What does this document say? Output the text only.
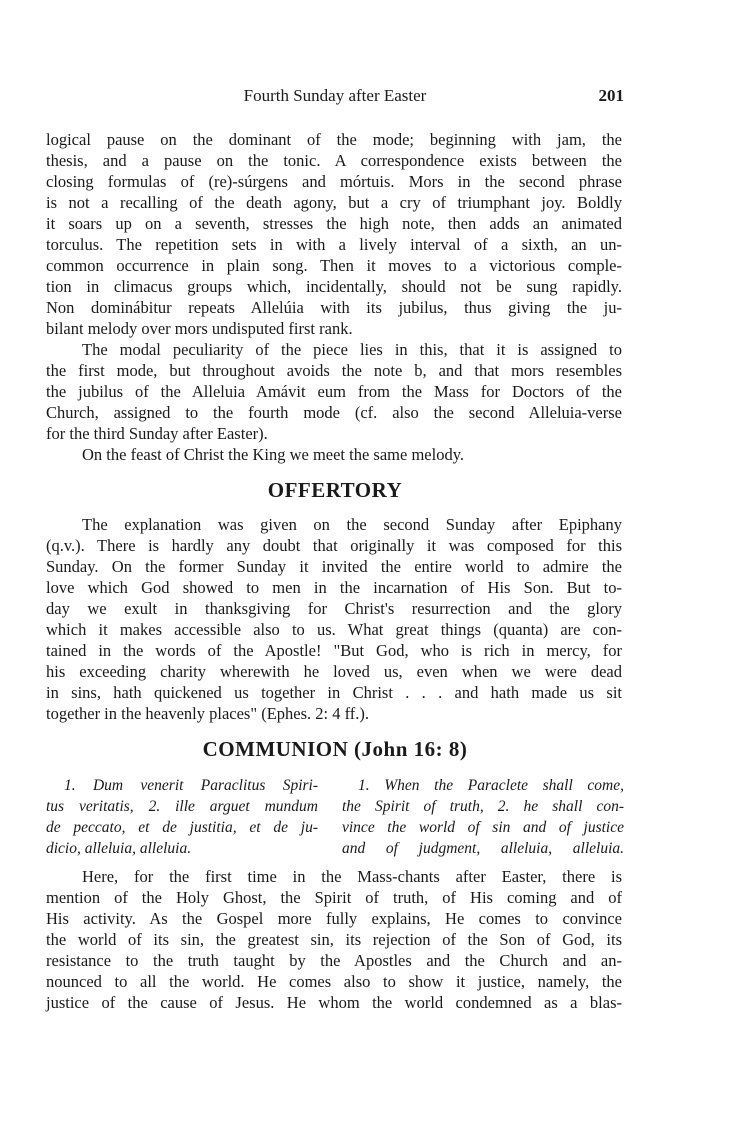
Fourth Sunday after Easter	201
logical pause on the dominant of the mode; beginning with jam, the
thesis, and a pause on the tonic. A correspondence exists between the
closing formulas of (re)-súrgens and mórtuis. Mors in the second phrase
is not a recalling of the death agony, but a cry of triumphant joy. Boldly
it soars up on a seventh, stresses the high note, then adds an animated
torculus. The repetition sets in with a lively interval of a sixth, an un-
common occurrence in plain song. Then it moves to a victorious comple-
tion in climacus groups which, incidentally, should not be sung rapidly.
Non dominábitur repeats Allelúia with its jubilus, thus giving the ju-
bilant melody over mors undisputed first rank.
The modal peculiarity of the piece lies in this, that it is assigned to
the first mode, but throughout avoids the note b, and that mors resembles
the jubilus of the Alleluia Amávit eum from the Mass for Doctors of the
Church, assigned to the fourth mode (cf. also the second Alleluia-verse
for the third Sunday after Easter).
On the feast of Christ the King we meet the same melody.
OFFERTORY
The explanation was given on the second Sunday after Epiphany
(q.v.). There is hardly any doubt that originally it was composed for this
Sunday. On the former Sunday it invited the entire world to admire the
love which God showed to men in the incarnation of His Son. But to-
day we exult in thanksgiving for Christ's resurrection and the glory
which it makes accessible also to us. What great things (quanta) are con-
tained in the words of the Apostle! "But God, who is rich in mercy, for
his exceeding charity wherewith he loved us, even when we were dead
in sins, hath quickened us together in Christ . . . and hath made us sit
together in the heavenly places" (Ephes. 2: 4 ff.).
COMMUNION (John 16: 8)
1. Dum venerit Paraclitus Spiri-
tus veritatis, 2. ille arguet mundum
de peccato, et de justitia, et de ju-
dicio, alleluia, alleluia.
1. When the Paraclete shall come,
the Spirit of truth, 2. he shall con-
vince the world of sin and of justice
and of judgment, alleluia, alleluia.
Here, for the first time in the Mass-chants after Easter, there is
mention of the Holy Ghost, the Spirit of truth, of His coming and of
His activity. As the Gospel more fully explains, He comes to convince
the world of its sin, the greatest sin, its rejection of the Son of God, its
resistance to the truth taught by the Apostles and the Church and an-
nounced to all the world. He comes also to show it justice, namely, the
justice of the cause of Jesus. He whom the world condemned as a blas-
